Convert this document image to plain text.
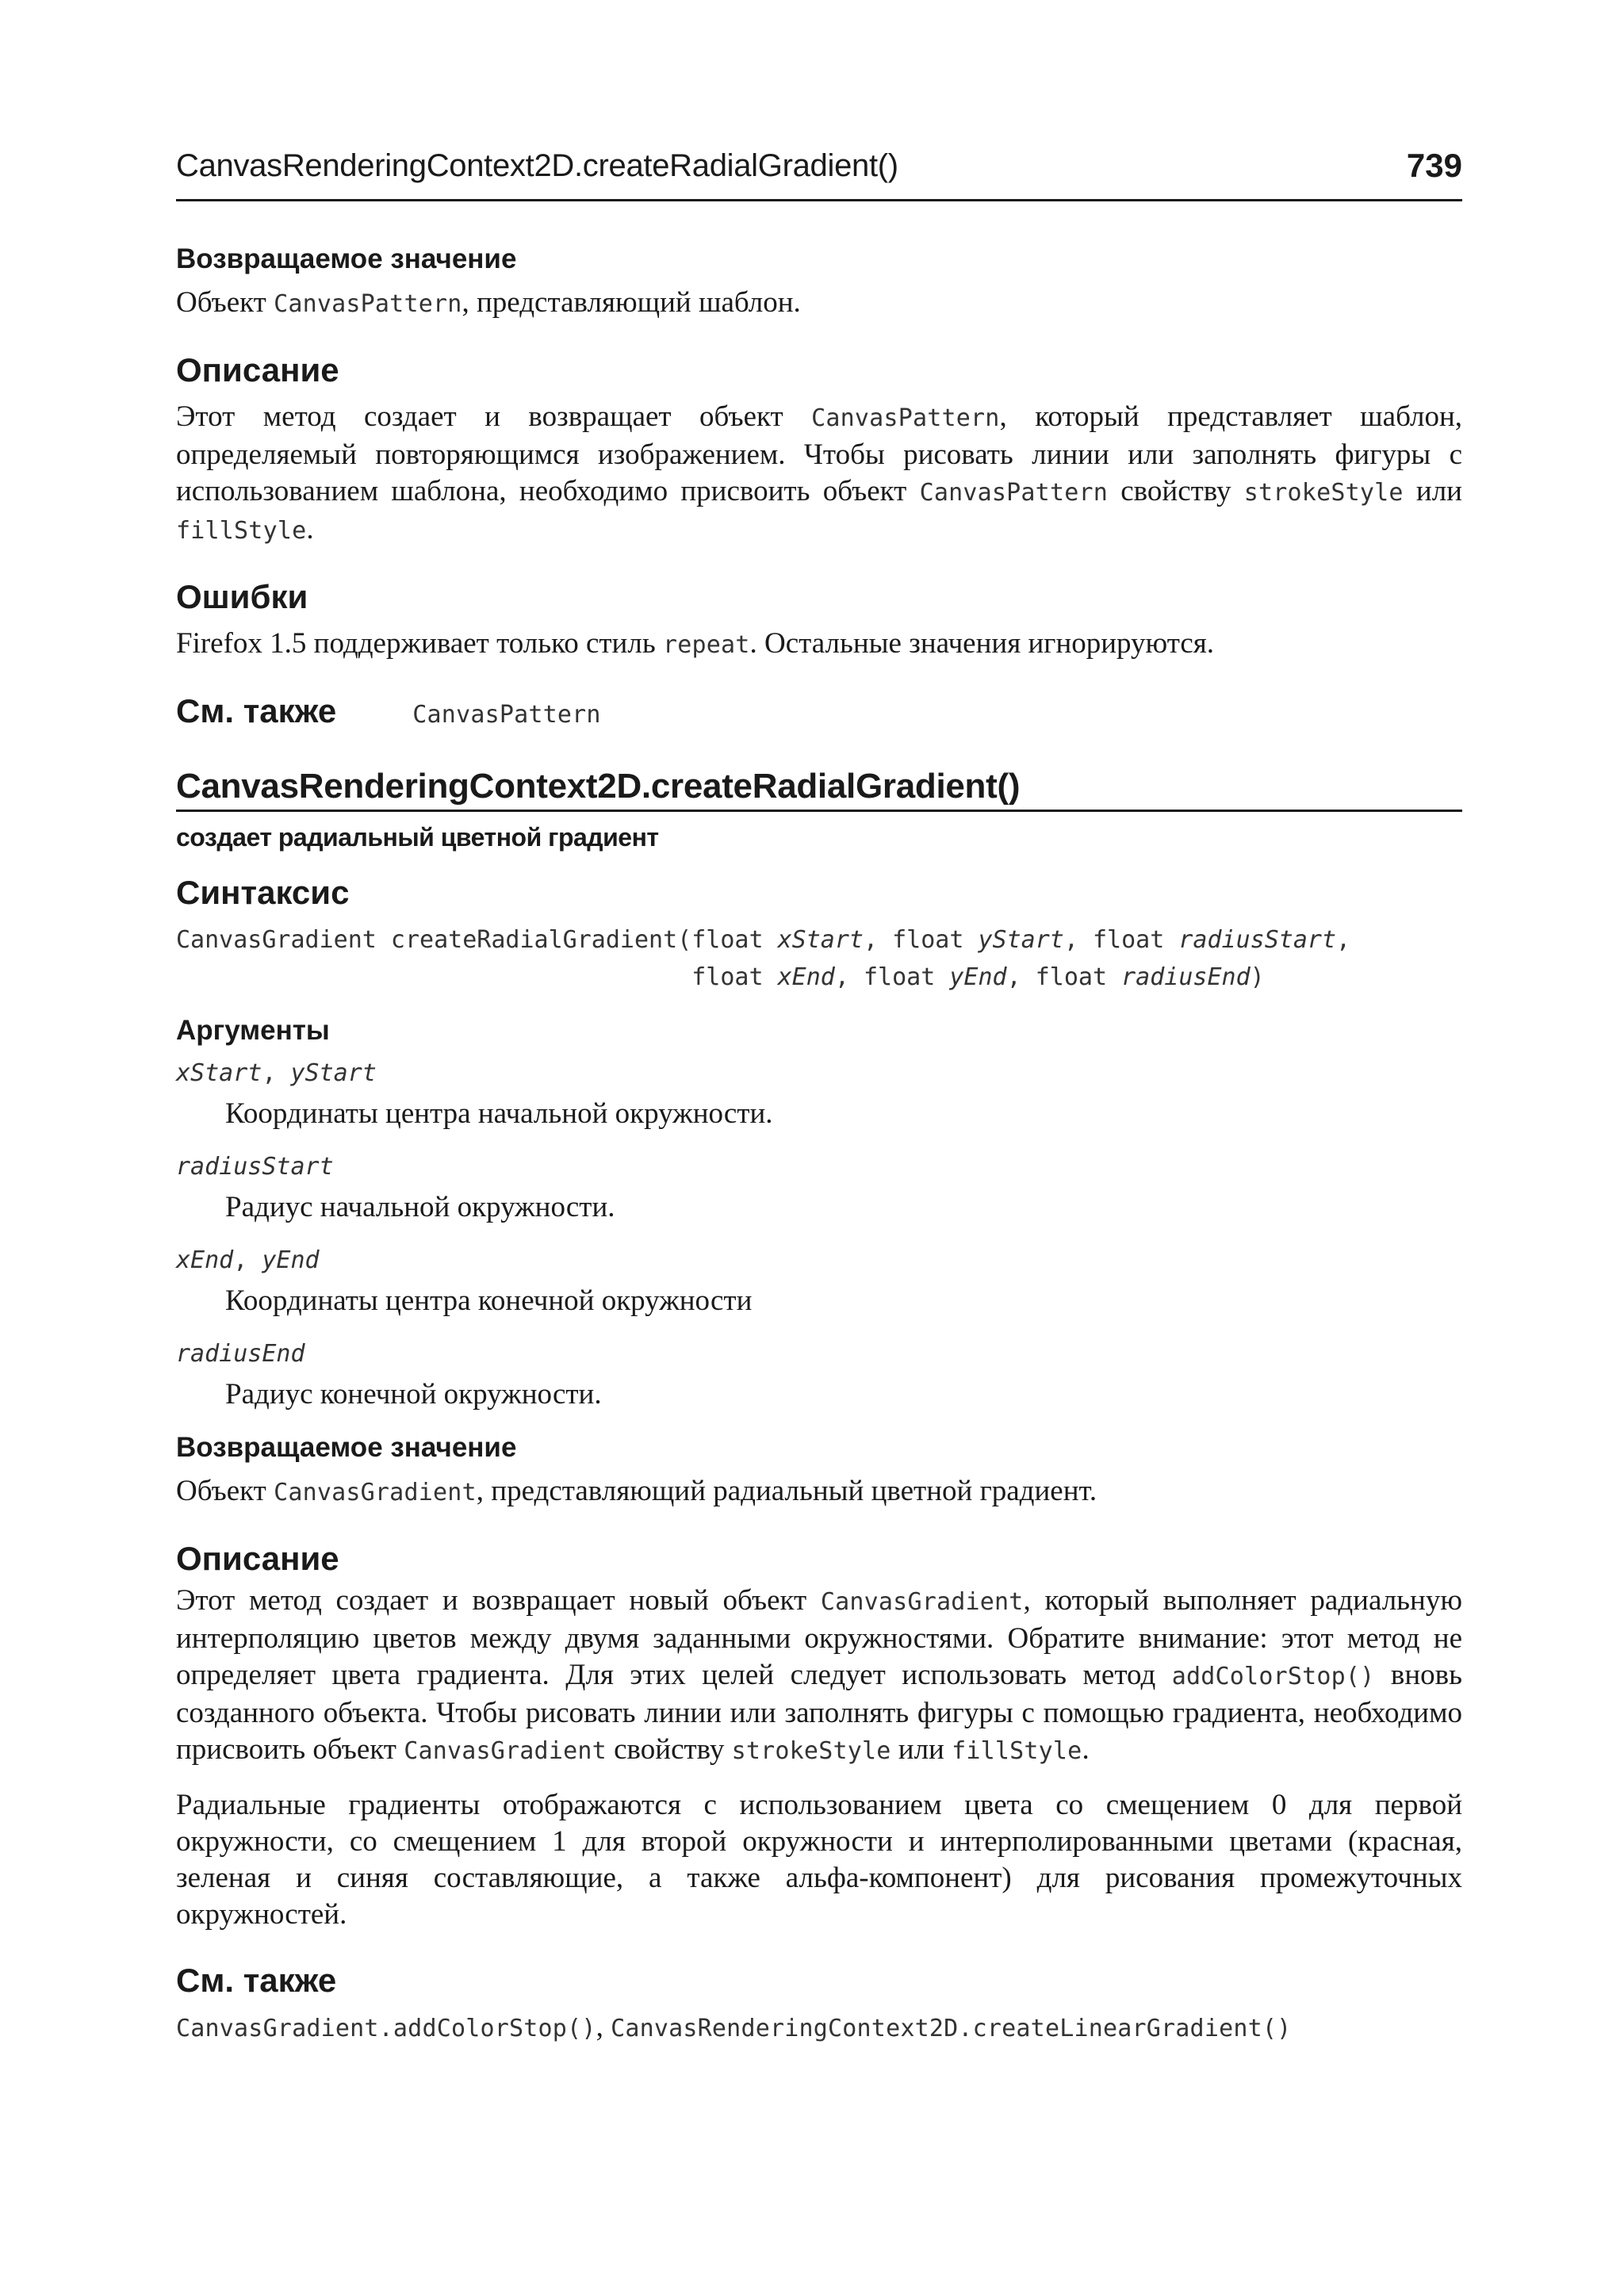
CanvasRenderingContext2D.createRadialGradient()	739
Возвращаемое значение

Объект CanvasPattern, представляющий шаблон.

Описание

Этот метод создает и возвращает объект CanvasPattern, который представляет шаблон, определяемый повторяющимся изображением. Чтобы рисовать линии или заполнять фигуры с использованием шаблона, необходимо присвоить объект CanvasPattern свойству strokeStyle или fillStyle.

Ошибки

Firefox 1.5 поддерживает только стиль repeat. Остальные значения игнорируются.

См. также	CanvasPattern
CanvasRenderingContext2D.createRadialGradient()

создает радиальный цветной градиент

Синтаксис
CanvasGradient createRadialGradient(float xStart, float yStart, float radiusStart,
float xEnd, float yEnd, float radiusEnd)
Аргументы

xStart, yStart

Координаты центра начальной окружности.

radiusStart

Радиус начальной окружности.

xEnd, yEnd

Координаты центра конечной окружности

radiusEnd

Радиус конечной окружности.

Возвращаемое значение

Объект CanvasGradient, представляющий радиальный цветной градиент.

Описание

Этот метод создает и возвращает новый объект CanvasGradient, который выполняет радиальную интерполяцию цветов между двумя заданными окружностями. Обратите внимание: этот метод не определяет цвета градиента. Для этих целей следует использовать метод addColorStop() вновь созданного объекта. Чтобы рисовать линии или заполнять фигуры с помощью градиента, необходимо присвоить объект CanvasGradient свойству strokeStyle или fillStyle.

Радиальные градиенты отображаются с использованием цвета со смещением 0 для первой окружности, со смещением 1 для второй окружности и интерполированными цветами (красная, зеленая и синяя составляющие, а также альфа-компонент) для рисования промежуточных окружностей.

См. также

CanvasGradient.addColorStop(), CanvasRenderingContext2D.createLinearGradient()
